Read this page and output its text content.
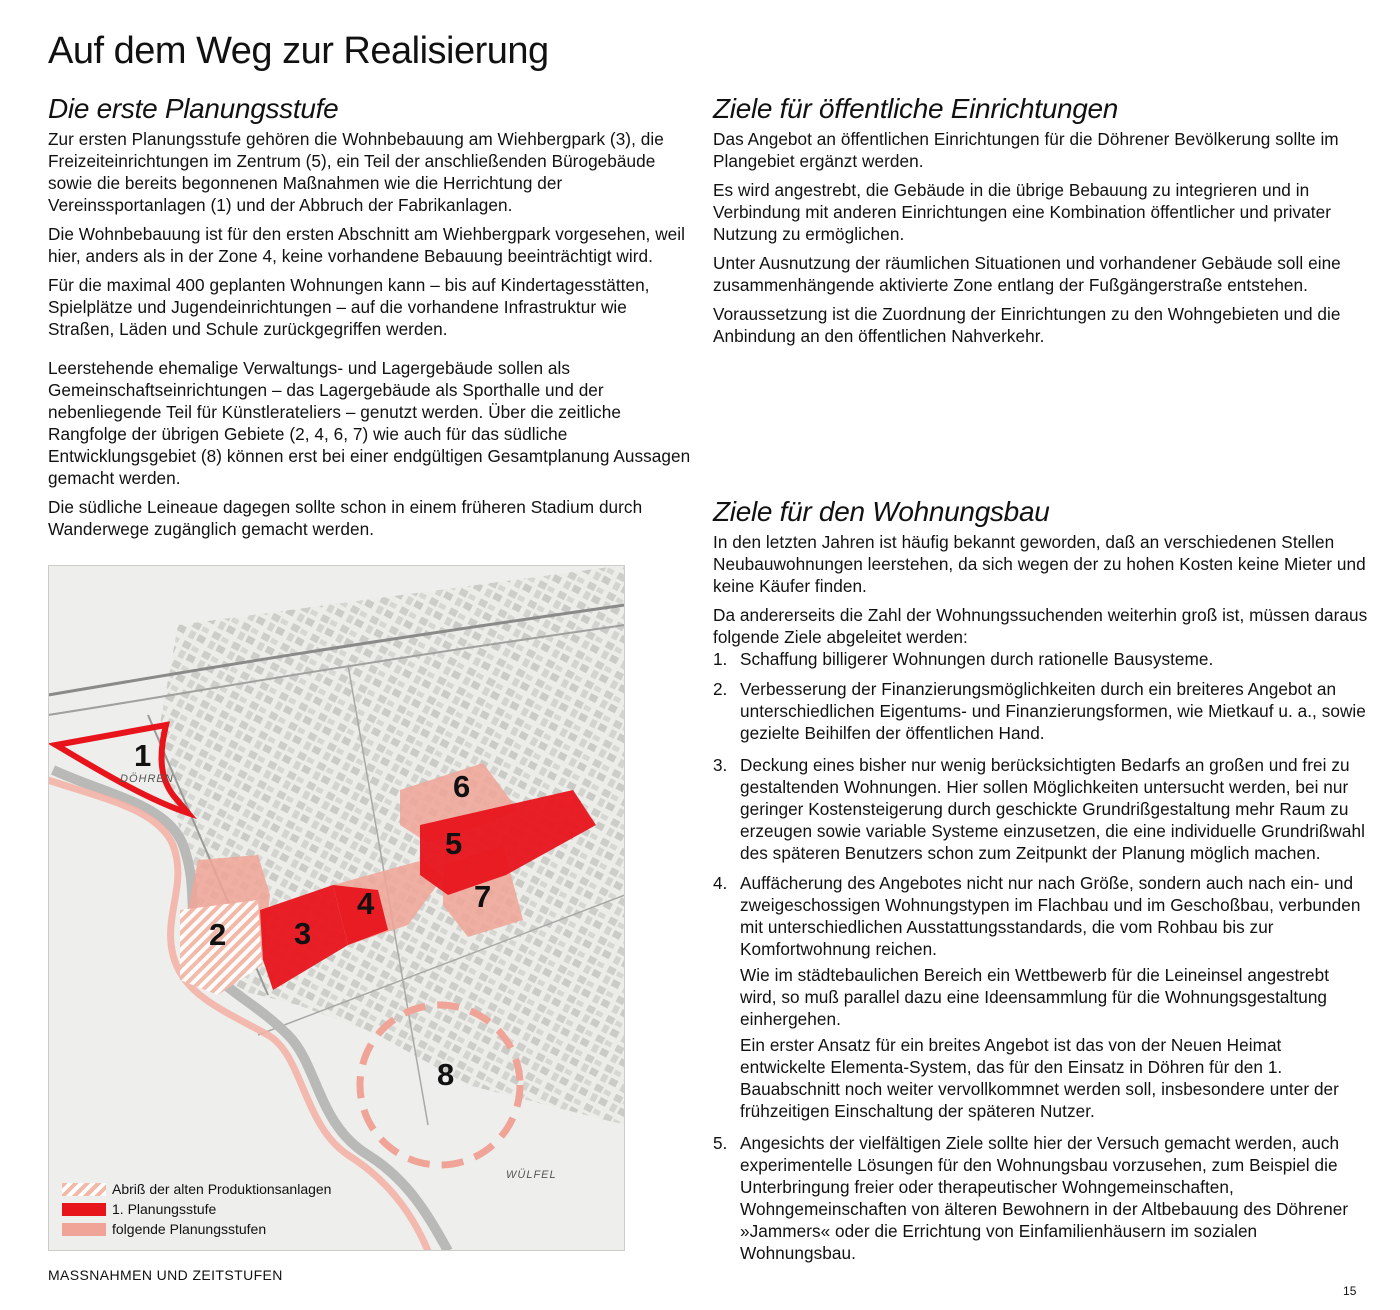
Auf dem Weg zur Realisierung
Die erste Planungsstufe

Zur ersten Planungsstufe gehören die Wohnbebauung am Wiehbergpark (3), die Freizeiteinrichtungen im Zentrum (5), ein Teil der anschließenden Bürogebäude sowie die bereits begonnenen Maßnahmen wie die Herrichtung der Vereinssportanlagen (1) und der Abbruch der Fabrikanlagen.

Die Wohnbebauung ist für den ersten Abschnitt am Wiehbergpark vorgesehen, weil hier, anders als in der Zone 4, keine vorhandene Bebauung beeinträchtigt wird.

Für die maximal 400 geplanten Wohnungen kann – bis auf Kindertagesstätten, Spielplätze und Jugendeinrichtungen – auf die vorhandene Infrastruktur wie Straßen, Läden und Schule zurückgegriffen werden.

Leerstehende ehemalige Verwaltungs- und Lagergebäude sollen als Gemeinschaftseinrichtungen – das Lagergebäude als Sporthalle und der nebenliegende Teil für Künstlerateliers – genutzt werden. Über die zeitliche Rangfolge der übrigen Gebiete (2, 4, 6, 7) wie auch für das südliche Entwicklungsgebiet (8) können erst bei einer endgültigen Gesamtplanung Aussagen gemacht werden.

Die südliche Leineaue dagegen sollte schon in einem früheren Stadium durch Wanderwege zugänglich gemacht werden.

Ziele für öffentliche Einrichtungen

Das Angebot an öffentlichen Einrichtungen für die Döhrener Bevölkerung sollte im Plangebiet ergänzt werden.

Es wird angestrebt, die Gebäude in die übrige Bebauung zu integrieren und in Verbindung mit anderen Einrichtungen eine Kombination öffentlicher und privater Nutzung zu ermöglichen.

Unter Ausnutzung der räumlichen Situationen und vorhandener Gebäude soll eine zusammenhängende aktivierte Zone entlang der Fußgängerstraße entstehen.

Voraussetzung ist die Zuordnung der Einrichtungen zu den Wohngebieten und die Anbindung an den öffentlichen Nahverkehr.

Ziele für den Wohnungsbau

In den letzten Jahren ist häufig bekannt geworden, daß an verschiedenen Stellen Neubauwohnungen leerstehen, da sich wegen der zu hohen Kosten keine Mieter und keine Käufer finden.

Da andererseits die Zahl der Wohnungssuchenden weiterhin groß ist, müssen daraus folgende Ziele abgeleitet werden:

1. Schaffung billigerer Wohnungen durch rationelle Bausysteme.

2. Verbesserung der Finanzierungsmöglichkeiten durch ein breiteres Angebot an unterschiedlichen Eigentums- und Finanzierungsformen, wie Mietkauf u. a., sowie gezielte Beihilfen der öffentlichen Hand.

3. Deckung eines bisher nur wenig berücksichtigten Bedarfs an großen und frei zu gestaltenden Wohnungen. Hier sollen Möglichkeiten untersucht werden, bei nur geringer Kostensteigerung durch geschickte Grundrißgestaltung mehr Raum zu erzeugen sowie variable Systeme einzusetzen, die eine individuelle Grundrißwahl des späteren Benutzers schon zum Zeitpunkt der Planung möglich machen.

4. Auffächerung des Angebotes nicht nur nach Größe, sondern auch nach ein- und zweigeschossigen Wohnungstypen im Flachbau und im Geschoßbau, verbunden mit unterschiedlichen Ausstattungsstandards, die vom Rohbau bis zur Komfortwohnung reichen.

Wie im städtebaulichen Bereich ein Wettbewerb für die Leineinsel angestrebt wird, so muß parallel dazu eine Ideensammlung für die Wohnungsgestaltung einhergehen.

Ein erster Ansatz für ein breites Angebot ist das von der Neuen Heimat entwickelte Elementa-System, das für den Einsatz in Döhren für den 1. Bauabschnitt noch weiter vervollkommnet werden soll, insbesondere unter der frühzeitigen Einschaltung der späteren Nutzer.

5. Angesichts der vielfältigen Ziele sollte hier der Versuch gemacht werden, auch experimentelle Lösungen für den Wohnungsbau vorzusehen, zum Beispiel die Unterbringung freier oder therapeutischer Wohngemeinschaften, Wohngemeinschaften von älteren Bewohnern in der Altbebauung des Döhrener »Jammers« oder die Errichtung von Einfamilienhäusern im sozialen Wohnungsbau.

1
2 3
4
5
6
7
8
DÖHREN
WÜLFEL
Abriß der alten Produktionsanlagen
1. Planungsstufe
folgende Planungsstufen

MASSNAHMEN UND ZEITSTUFEN

15
